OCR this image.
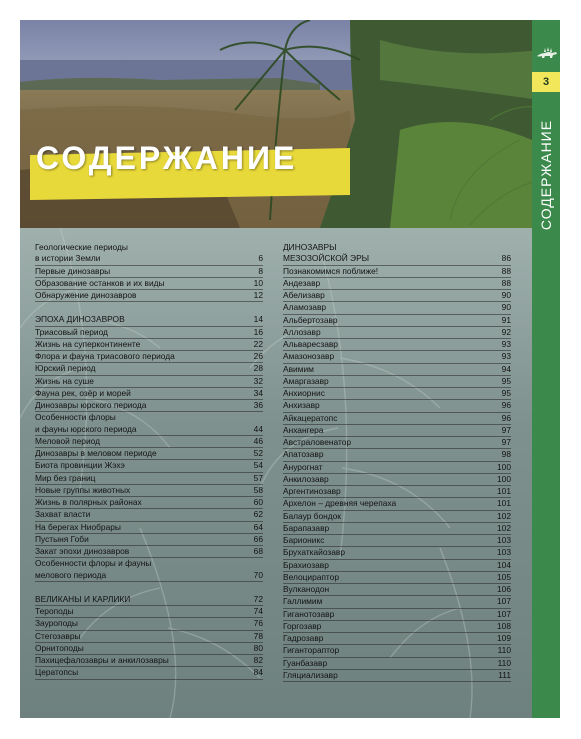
СОДЕРЖАНИЕ
Геологические периоды
в истории Земли	6
Первые динозавры	8
Образование останков и их виды	10
Обнаружение динозавров	12
ЭПОХА ДИНОЗАВРОВ	14
Триасовый период	16
Жизнь на суперконтиненте	22
Флора и фауна триасового периода	26
Юрский период	28
Жизнь на суше	32
Фауна рек, озёр и морей	34
Динозавры юрского периода	36
Особенности флоры
и фауны юрского периода	44
Меловой период	46
Динозавры в меловом периоде	52
Биота провинции Жэхэ	54
Мир без границ	57
Новые группы животных	58
Жизнь в полярных районах	60
Захват власти	62
На берегах Ниобрары	64
Пустыня Гоби	66
Закат эпохи динозавров	68
Особенности флоры и фауны
мелового периода	70
ВЕЛИКАНЫ И КАРЛИКИ	72
Тероподы	74
Зауроподы	76
Стегозавры	78
Орнитоподы	80
Пахицефалозавры и анкилозавры	82
Цератопсы	84
ДИНОЗАВРЫ
МЕЗОЗОЙСКОЙ ЭРЫ	86
Познакомимся поближе!	88
Андезавр	88
Абелизавр	90
Аламозавр	90
Альбертозавр	91
Аллозавр	92
Альваресзавр	93
Амазонозавр	93
Авимим	94
Амаргазавр	95
Анхиорнис	95
Анхизавр	96
Айкацератопс	96
Анхангера	97
Австраловенатор	97
Апатозавр	98
Анурогнат	100
Анкилозавр	100
Аргентинозавр	101
Архелон – древняя черепаха	101
Балаур бондок	102
Барапазавр	102
Барионикс	103
Брухаткайозавр	103
Брахиозавр	104
Велоцираптор	105
Вулканодон	106
Галлимим	107
Гиганотозавр	107
Горгозавр	108
Гадрозавр	109
Гигантораптор	110
Гуанбазавр	110
Гляциализавр	111
3
СОДЕРЖАНИЕ
